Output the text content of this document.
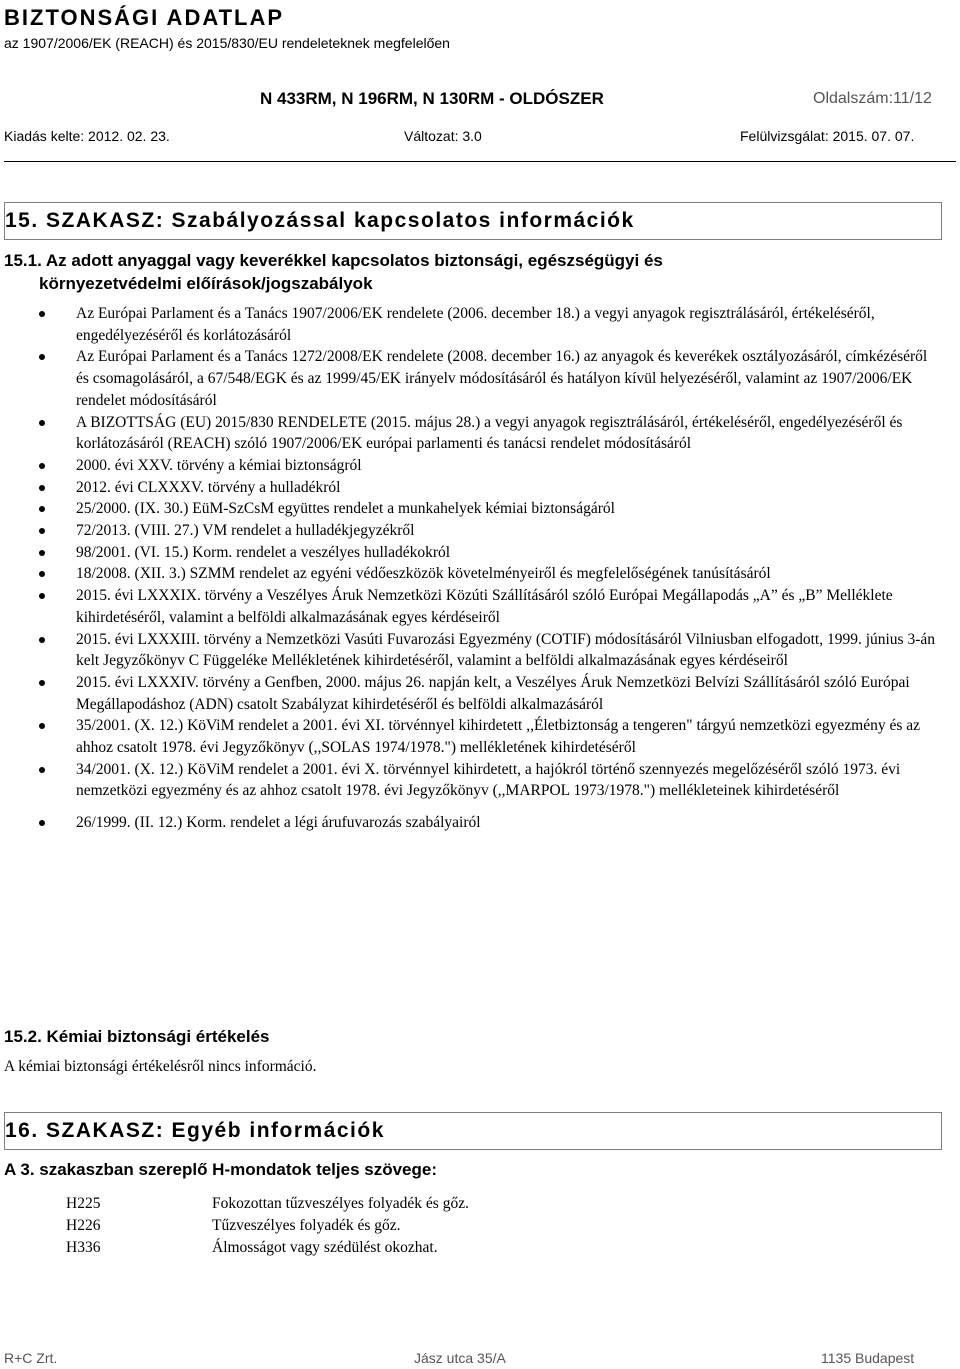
BIZTONSÁGI ADATLAP
az 1907/2006/EK (REACH) és 2015/830/EU rendeleteknek megfelelően
N 433RM, N 196RM, N 130RM - OLDÓSZER	Oldalszám:11/12
Kiadás kelte: 2012. 02. 23.	Változat: 3.0	Felülvizsgálat: 2015. 07. 07.
15. SZAKASZ: Szabályozással kapcsolatos információk
15.1. Az adott anyaggal vagy keverékkel kapcsolatos biztonsági, egészségügyi és
környezetvédelmi előírások/jogszabályok
Az Európai Parlament és a Tanács 1907/2006/EK rendelete (2006. december 18.) a vegyi anyagok regisztrálásáról, értékeléséről, engedélyezéséről és korlátozásáról
Az Európai Parlament és a Tanács 1272/2008/EK rendelete (2008. december 16.) az anyagok és keverékek osztályozásáról, címkézéséről és csomagolásáról, a 67/548/EGK és az 1999/45/EK irányelv módosításáról és hatályon kívül helyezéséről, valamint az 1907/2006/EK rendelet módosításáról
A BIZOTTSÁG (EU) 2015/830 RENDELETE (2015. május 28.) a vegyi anyagok regisztrálásáról, értékeléséről, engedélyezéséről és korlátozásáról (REACH) szóló 1907/2006/EK európai parlamenti és tanácsi rendelet módosításáról
2000. évi XXV. törvény a kémiai biztonságról
2012. évi CLXXXV. törvény a hulladékról
25/2000. (IX. 30.) EüM-SzCsM együttes rendelet a munkahelyek kémiai biztonságáról
72/2013. (VIII. 27.) VM rendelet a hulladékjegyzékről
98/2001. (VI. 15.) Korm. rendelet a veszélyes hulladékokról
18/2008. (XII. 3.) SZMM rendelet az egyéni védőeszközök követelményeiről és megfelelőségének tanúsításáról
2015. évi LXXXIX. törvény a Veszélyes Áruk Nemzetközi Közúti Szállításáról szóló Európai Megállapodás „A” és „B” Melléklete kihirdetéséről, valamint a belföldi alkalmazásának egyes kérdéseiről
2015. évi LXXXIII. törvény a Nemzetközi Vasúti Fuvarozási Egyezmény (COTIF) módosításáról Vilniusban elfogadott, 1999. június 3-án kelt Jegyzőkönyv C Függeléke Mellékletének kihirdetéséről, valamint a belföldi alkalmazásának egyes kérdéseiről
2015. évi LXXXIV. törvény a Genfben, 2000. május 26. napján kelt, a Veszélyes Áruk Nemzetközi Belvízi Szállításáról szóló Európai Megállapodáshoz (ADN) csatolt Szabályzat kihirdetéséről és belföldi alkalmazásáról
35/2001. (X. 12.) KöViM rendelet a 2001. évi XI. törvénnyel kihirdetett ,,Életbiztonság a tengeren" tárgyú nemzetközi egyezmény és az ahhoz csatolt 1978. évi Jegyzőkönyv (,,SOLAS 1974/1978.") mellékletének kihirdetéséről
34/2001. (X. 12.) KöViM rendelet a 2001. évi X. törvénnyel kihirdetett, a hajókról történő szennyezés megelőzéséről szóló 1973. évi nemzetközi egyezmény és az ahhoz csatolt 1978. évi Jegyzőkönyv (,,MARPOL 1973/1978.") mellékleteinek kihirdetéséről
26/1999. (II. 12.) Korm. rendelet a légi árufuvarozás szabályairól
15.2. Kémiai biztonsági értékelés
A kémiai biztonsági értékelésről nincs információ.
16. SZAKASZ: Egyéb információk
A 3. szakaszban szereplő H-mondatok teljes szövege:
H225	Fokozottan tűzveszélyes folyadék és gőz.
H226	Tűzveszélyes folyadék és gőz.
H336	Álmosságot vagy szédülést okozhat.
R+C Zrt.	Jász utca 35/A	1135 Budapest
